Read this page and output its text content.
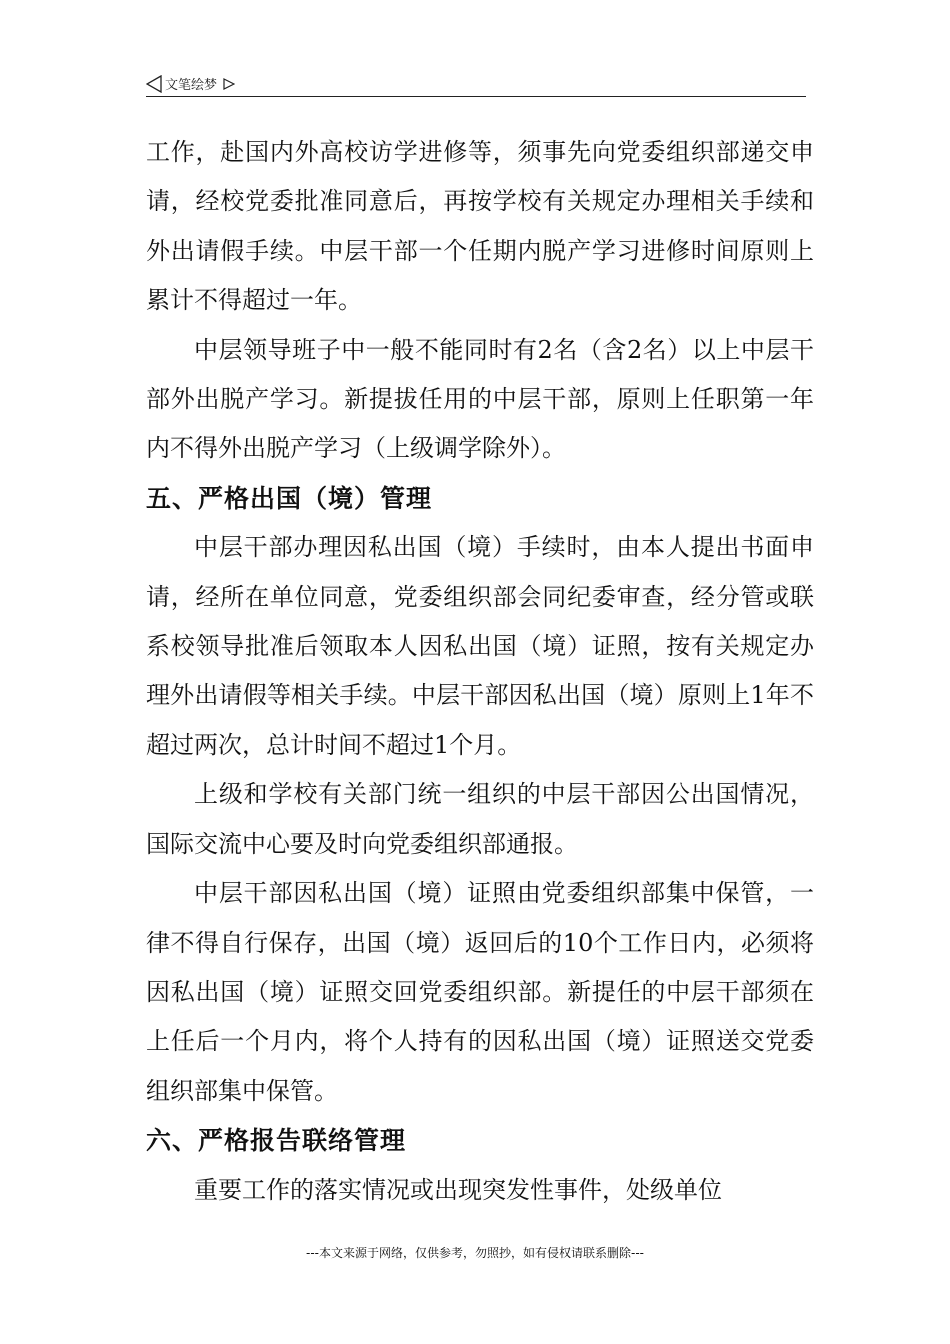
文笔绘梦

工作，赴国内外高校访学进修等，须事先向党委组织部递交申请，经校党委批准同意后，再按学校有关规定办理相关手续和外出请假手续。中层干部一个任期内脱产学习进修时间原则上累计不得超过一年。

中层领导班子中一般不能同时有2名（含2名）以上中层干部外出脱产学习。新提拔任用的中层干部，原则上任职第一年内不得外出脱产学习（上级调学除外）。

五、严格出国（境）管理

中层干部办理因私出国（境）手续时，由本人提出书面申请，经所在单位同意，党委组织部会同纪委审查，经分管或联系校领导批准后领取本人因私出国（境）证照，按有关规定办理外出请假等相关手续。中层干部因私出国（境）原则上1年不超过两次，总计时间不超过1个月。

上级和学校有关部门统一组织的中层干部因公出国情况，国际交流中心要及时向党委组织部通报。

中层干部因私出国（境）证照由党委组织部集中保管，一律不得自行保存，出国（境）返回后的10个工作日内，必须将因私出国（境）证照交回党委组织部。新提任的中层干部须在上任后一个月内，将个人持有的因私出国（境）证照送交党委组织部集中保管。

六、严格报告联络管理

重要工作的落实情况或出现突发性事件，处级单位

---本文来源于网络，仅供参考，勿照抄，如有侵权请联系删除---
